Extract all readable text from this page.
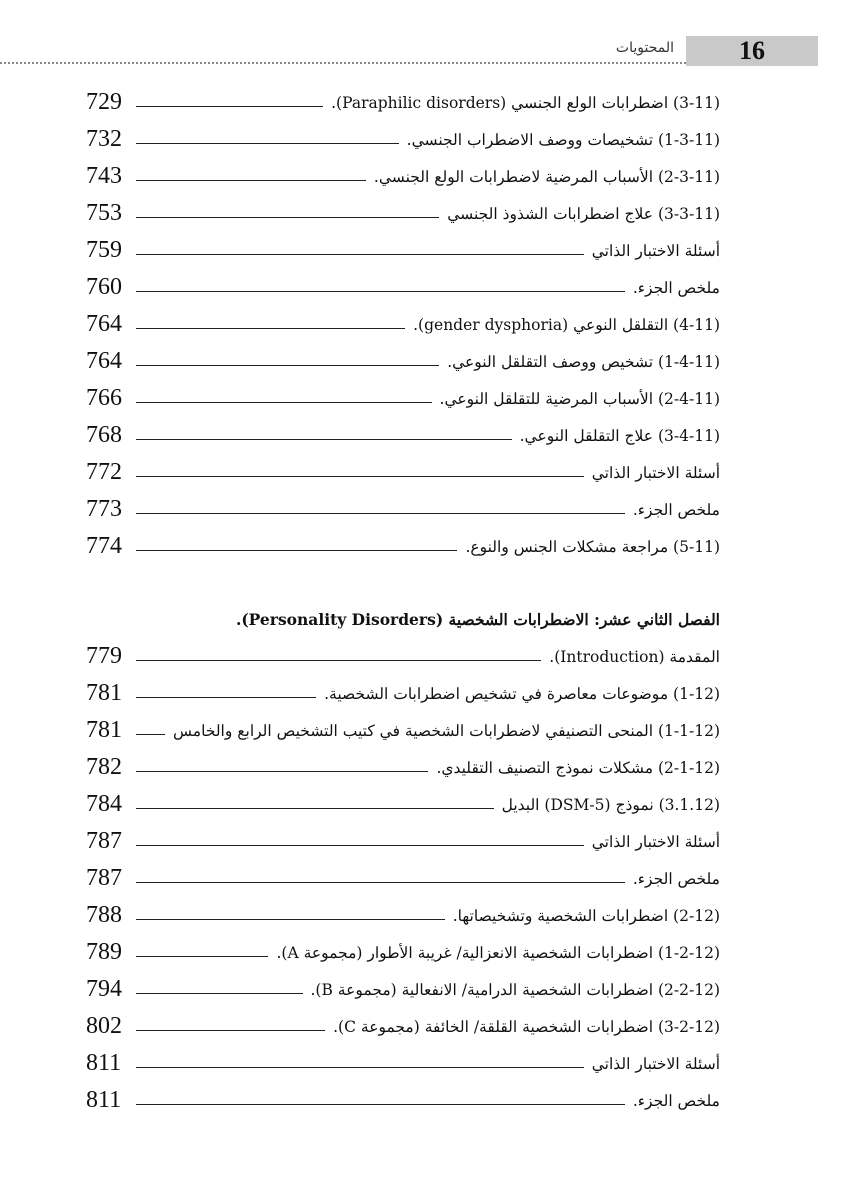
16
المحتويات
(3-11) اضطرابات الولع الجنسي (Paraphilic disorders).
729
(1-3-11) تشخيصات ووصف الاضطراب الجنسي.
732
(2-3-11) الأسباب المرضية لاضطرابات الولع الجنسي.
743
(3-3-11) علاج اضطرابات الشذوذ الجنسي
753
أسئلة الاختبار الذاتي
759
ملخص الجزء.
760
(4-11) التقلقل النوعي (gender dysphoria).
764
(1-4-11) تشخيص ووصف التقلقل النوعي.
764
(2-4-11) الأسباب المرضية للتقلقل النوعي.
766
(3-4-11) علاج التقلقل النوعي.
768
أسئلة الاختبار الذاتي
772
ملخص الجزء.
773
(5-11) مراجعة مشكلات الجنس والنوع.
774
الفصل الثاني عشر: الاضطرابات الشخصية (Personality Disorders).
المقدمة (Introduction).
779
(1-12) موضوعات معاصرة في تشخيص اضطرابات الشخصية.
781
(1-1-12) المنحى التصنيفي لاضطرابات الشخصية في كتيب التشخيص الرابع والخامس
781
(2-1-12) مشكلات نموذج التصنيف التقليدي.
782
(3.1.12) نموذج (DSM-5) البديل
784
أسئلة الاختبار الذاتي
787
ملخص الجزء.
787
(2-12) اضطرابات الشخصية وتشخيصاتها.
788
(1-2-12) اضطرابات الشخصية الانعزالية/ غريبة الأطوار (مجموعة A).
789
(2-2-12) اضطرابات الشخصية الدرامية/ الانفعالية (مجموعة B).
794
(3-2-12) اضطرابات الشخصية القلقة/ الخائفة (مجموعة C).
802
أسئلة الاختبار الذاتي
811
ملخص الجزء.
811
